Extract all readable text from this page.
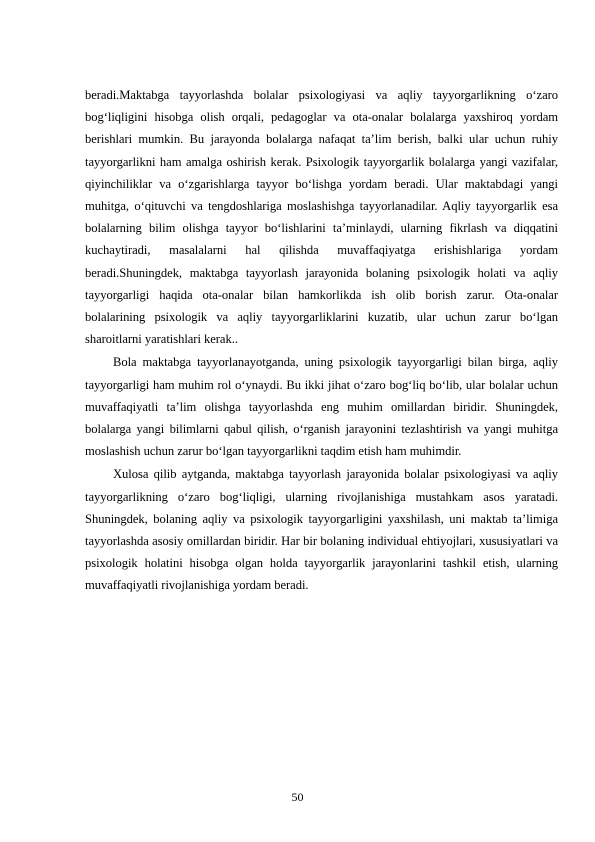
beradi.Maktabga tayyorlashda bolalar psixologiyasi va aqliy tayyorgarlikning o‘zaro bog‘liqligini hisobga olish orqali, pedagoglar va ota-onalar bolalarga yaxshiroq yordam berishlari mumkin. Bu jarayonda bolalarga nafaqat ta’lim berish, balki ular uchun ruhiy tayyorgarlikni ham amalga oshirish kerak. Psixologik tayyorgarlik bolalarga yangi vazifalar, qiyinchiliklar va o‘zgarishlarga tayyor bo‘lishga yordam beradi. Ular maktabdagi yangi muhitga, o‘qituvchi va tengdoshlariga moslashishga tayyorlanadilar. Aqliy tayyorgarlik esa bolalarning bilim olishga tayyor bo‘lishlarini ta’minlaydi, ularning fikrlash va diqqatini kuchaytiradi, masalalarni hal qilishda muvaffaqiyatga erishishlariga yordam beradi.Shuningdek, maktabga tayyorlash jarayonida bolaning psixologik holati va aqliy tayyorgarligi haqida ota-onalar bilan hamkorlikda ish olib borish zarur. Ota-onalar bolalarining psixologik va aqliy tayyorgarliklarini kuzatib, ular uchun zarur bo‘lgan sharoitlarni yaratishlari kerak..

Bola maktabga tayyorlanayotganda, uning psixologik tayyorgarligi bilan birga, aqliy tayyorgarligi ham muhim rol o‘ynaydi. Bu ikki jihat o‘zaro bog‘liq bo‘lib, ular bolalar uchun muvaffaqiyatli ta’lim olishga tayyorlashda eng muhim omillardan biridir. Shuningdek, bolalarga yangi bilimlarni qabul qilish, o‘rganish jarayonini tezlashtirish va yangi muhitga moslashish uchun zarur bo‘lgan tayyorgarlikni taqdim etish ham muhimdir.

Xulosa qilib aytganda, maktabga tayyorlash jarayonida bolalar psixologiyasi va aqliy tayyorgarlikning o‘zaro bog‘liqligi, ularning rivojlanishiga mustahkam asos yaratadi. Shuningdek, bolaning aqliy va psixologik tayyorgarligini yaxshilash, uni maktab ta’limiga tayyorlashda asosiy omillardan biridir. Har bir bolaning individual ehtiyojlari, xususiyatlari va psixologik holatini hisobga olgan holda tayyorgarlik jarayonlarini tashkil etish, ularning muvaffaqiyatli rivojlanishiga yordam beradi.

50
